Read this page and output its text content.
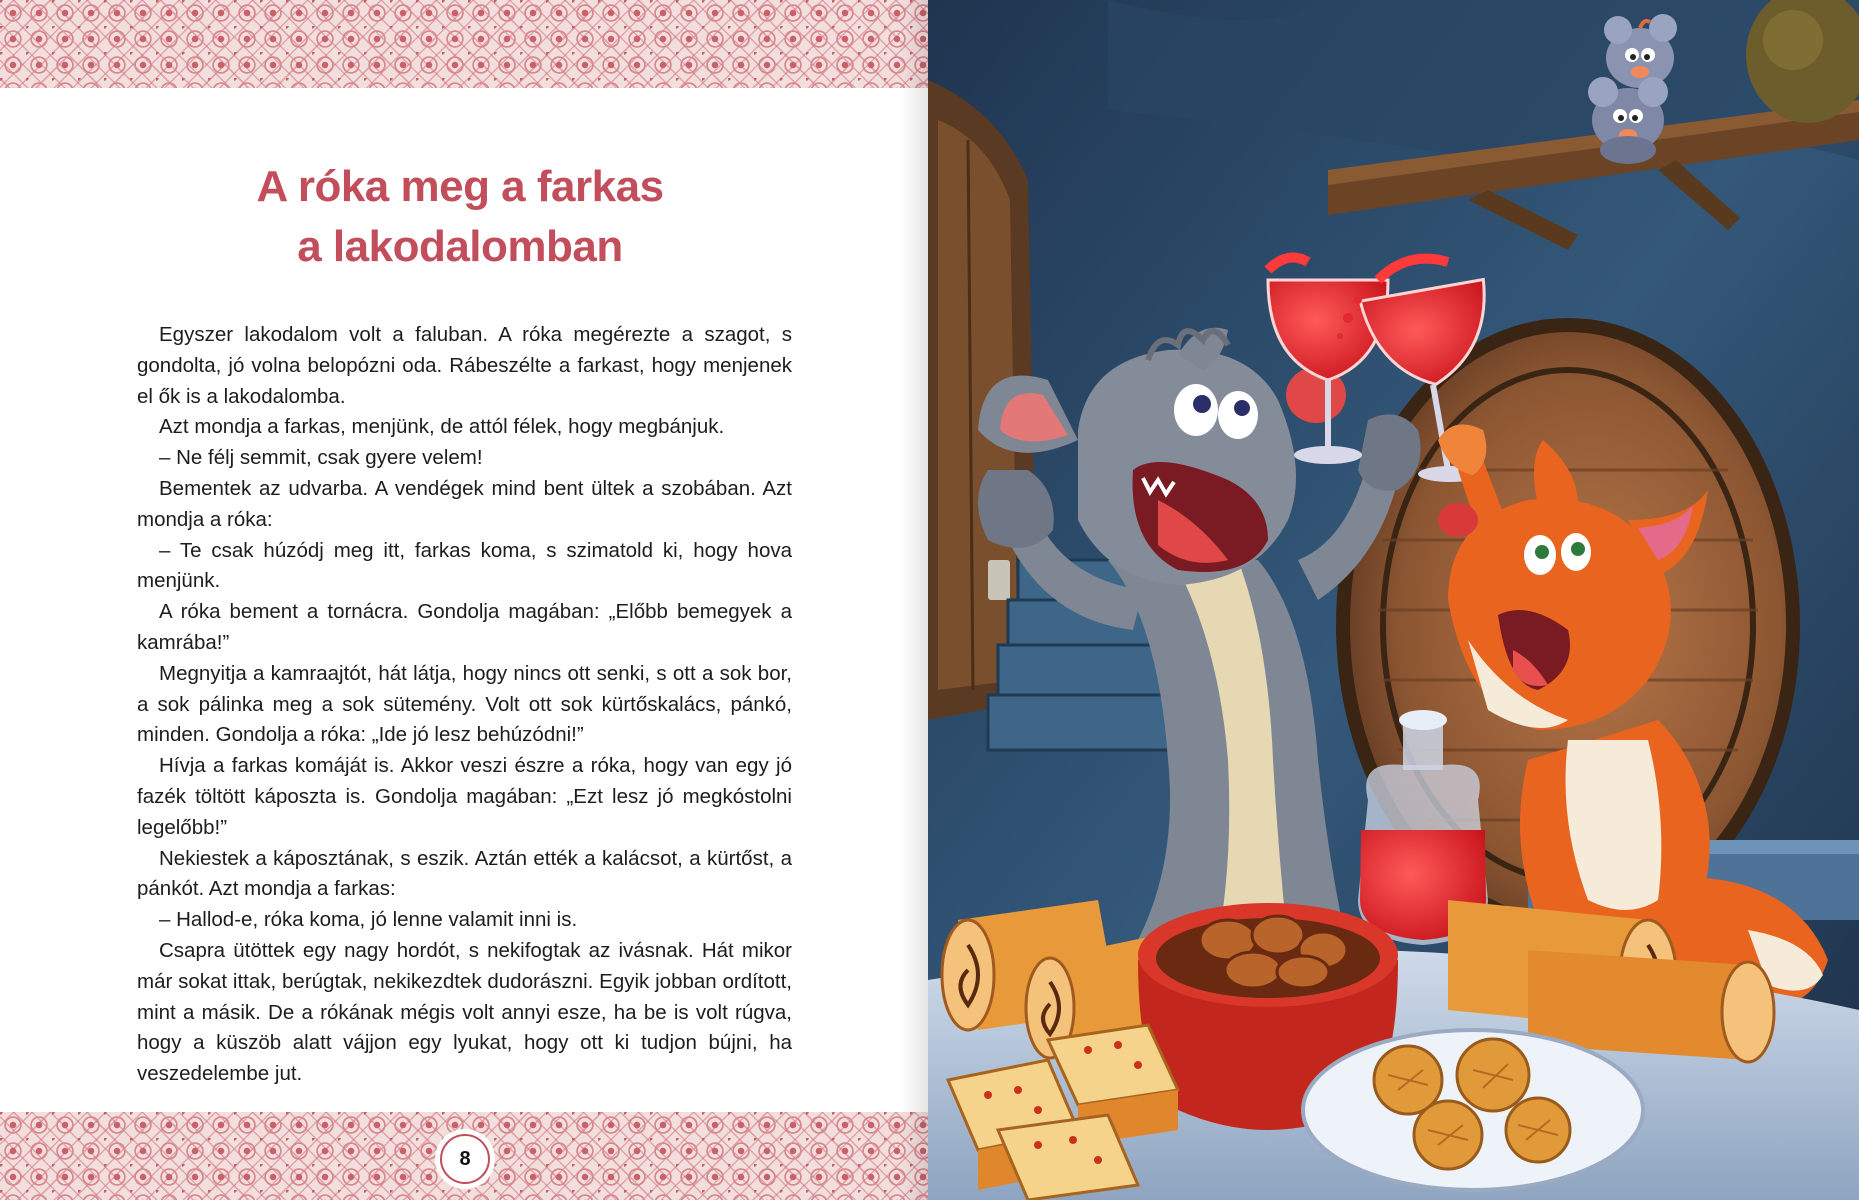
A róka meg a farkas
a lakodalomban

Egyszer lakodalom volt a faluban. A róka megérezte a szagot, s gondolta, jó volna belopózni oda. Rábeszélte a farkast, hogy menjenek el ők is a lakodalomba.

Azt mondja a farkas, menjünk, de attól félek, hogy megbánjuk.

– Ne félj semmit, csak gyere velem!

Bementek az udvarba. A vendégek mind bent ültek a szobában. Azt mondja a róka:

– Te csak húzódj meg itt, farkas koma, s szimatold ki, hogy hova menjünk.

A róka bement a tornácra. Gondolja magában: „Előbb bemegyek a kamrába!”

Megnyitja a kamraajtót, hát látja, hogy nincs ott senki, s ott a sok bor, a sok pálinka meg a sok sütemény. Volt ott sok kürtőskalács, pánkó, minden. Gondolja a róka: „Ide jó lesz behúzódni!”

Hívja a farkas komáját is. Akkor veszi észre a róka, hogy van egy jó fazék töltött káposzta is. Gondolja magában: „Ezt lesz jó megkóstolni legelőbb!”

Nekiestek a káposztának, s eszik. Aztán ették a kalácsot, a kürtőst, a pánkót. Azt mondja a farkas:

– Hallod-e, róka koma, jó lenne valamit inni is.

Csapra ütöttek egy nagy hordót, s nekifogtak az ivásnak. Hát mikor már sokat ittak, berúgtak, nekikezdtek dudorászni. Egyik jobban ordított, mint a másik. De a rókának mégis volt annyi esze, ha be is volt rúgva, hogy a küszöb alatt vájjon egy lyukat, hogy ott ki tudjon bújni, ha veszedelembe jut.

8
